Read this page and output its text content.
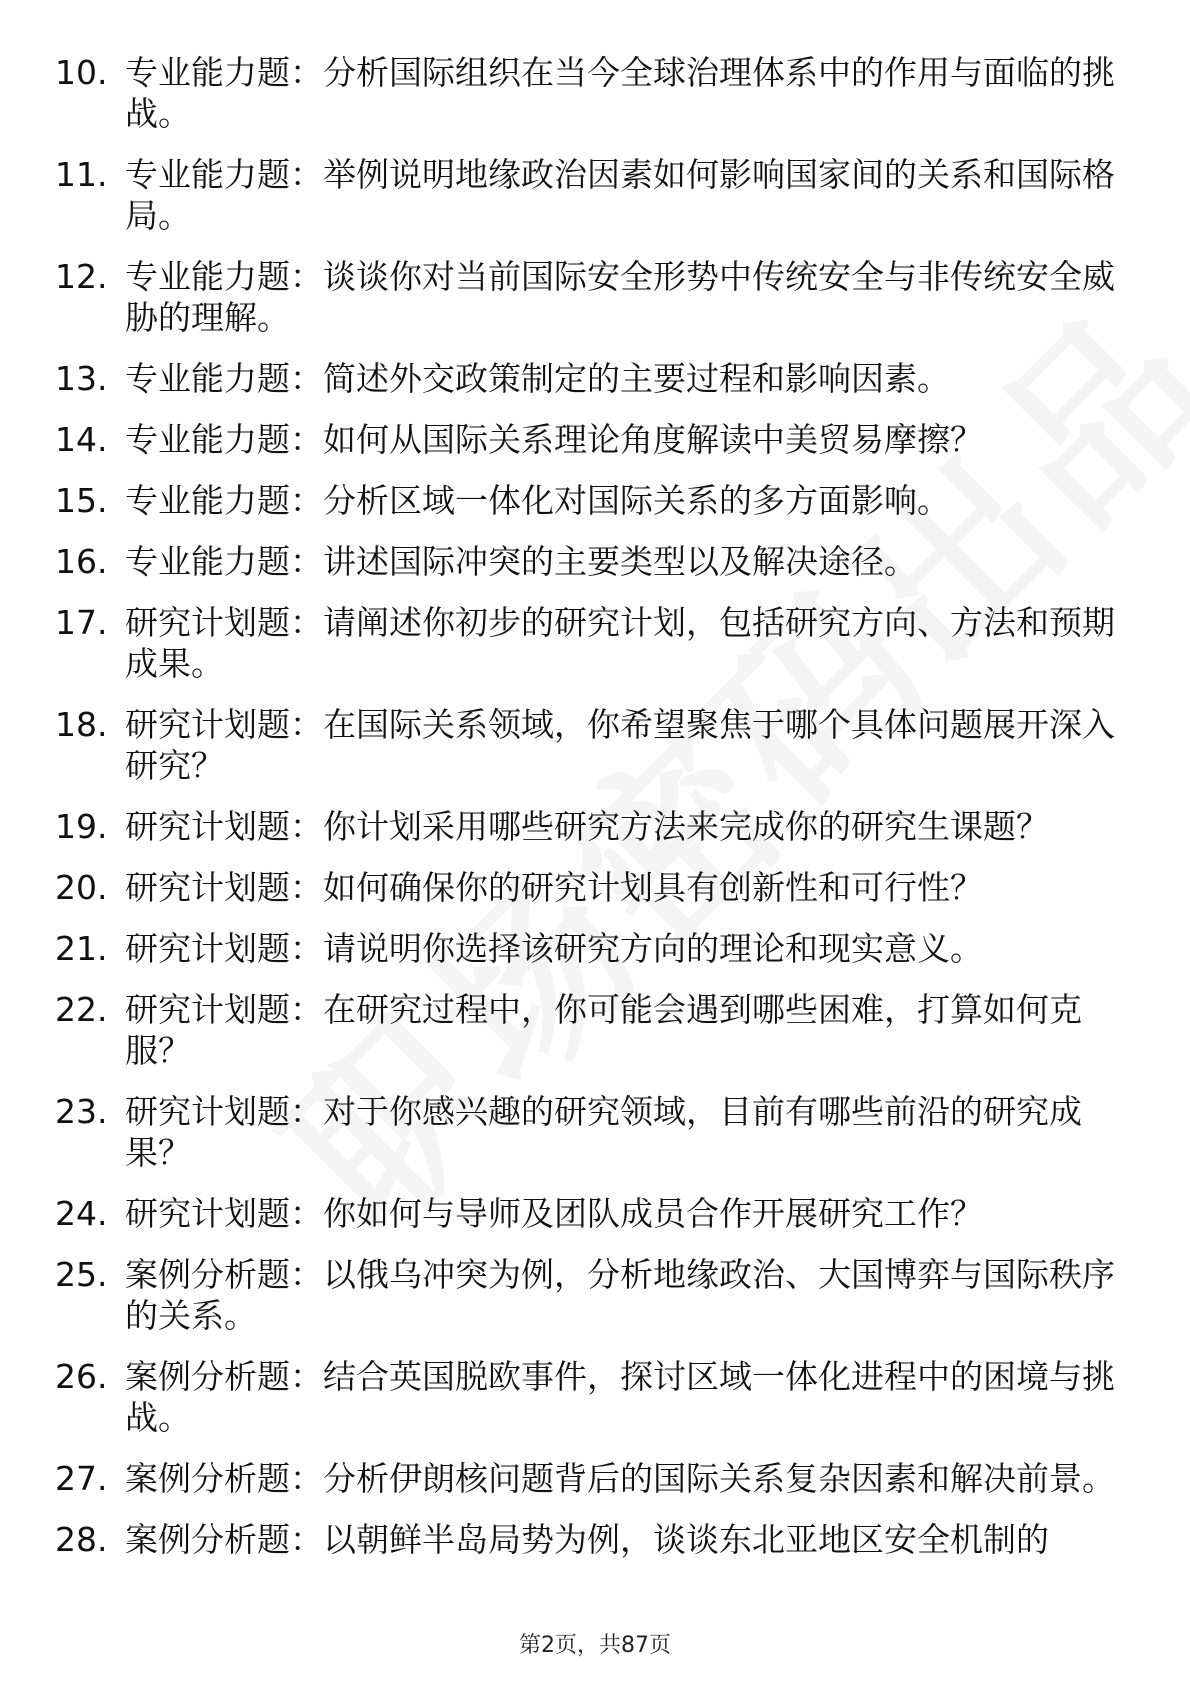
10. 专业能力题：分析国际组织在当今全球治理体系中的作用与面临的挑战。
11. 专业能力题：举例说明地缘政治因素如何影响国家间的关系和国际格局。
12. 专业能力题：谈谈你对当前国际安全形势中传统安全与非传统安全威胁的理解。
13. 专业能力题：简述外交政策制定的主要过程和影响因素。
14. 专业能力题：如何从国际关系理论角度解读中美贸易摩擦？
15. 专业能力题：分析区域一体化对国际关系的多方面影响。
16. 专业能力题：讲述国际冲突的主要类型以及解决途径。
17. 研究计划题：请阐述你初步的研究计划，包括研究方向、方法和预期成果。
18. 研究计划题：在国际关系领域，你希望聚焦于哪个具体问题展开深入研究？
19. 研究计划题：你计划采用哪些研究方法来完成你的研究生课题？
20. 研究计划题：如何确保你的研究计划具有创新性和可行性？
21. 研究计划题：请说明你选择该研究方向的理论和现实意义。
22. 研究计划题：在研究过程中，你可能会遇到哪些困难，打算如何克服？
23. 研究计划题：对于你感兴趣的研究领域，目前有哪些前沿的研究成果？
24. 研究计划题：你如何与导师及团队成员合作开展研究工作？
25. 案例分析题：以俄乌冲突为例，分析地缘政治、大国博弈与国际秩序的关系。
26. 案例分析题：结合英国脱欧事件，探讨区域一体化进程中的困境与挑战。
27. 案例分析题：分析伊朗核问题背后的国际关系复杂因素和解决前景。
28. 案例分析题：以朝鲜半岛局势为例，谈谈东北亚地区安全机制的
第2页，共87页
